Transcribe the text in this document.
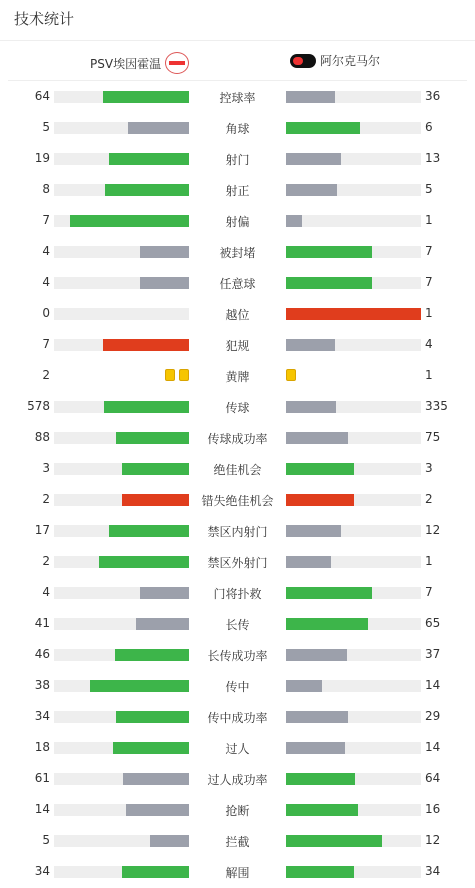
技术统计
PSV埃因霍温	阿尔克马尔
64	控球率	36
5	角球	6
19	射门	13
8	射正	5
7	射偏	1
4	被封堵	7
4	任意球	7
0	越位	1
7	犯规	4
2	黄牌	1
578	传球	335
88	传球成功率	75
3	绝佳机会	3
2	错失绝佳机会	2
17	禁区内射门	12
2	禁区外射门	1
4	门将扑救	7
41	长传	65
46	长传成功率	37
38	传中	14
34	传中成功率	29
18	过人	14
61	过人成功率	64
14	抢断	16
5	拦截	12
34	解围	34
